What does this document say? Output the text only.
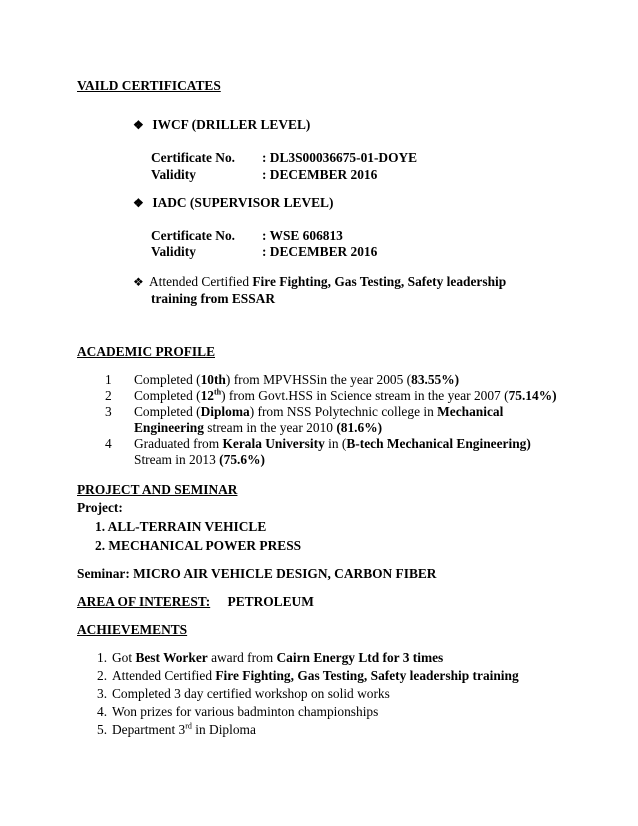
VAILD CERTIFICATES
❖ IWCF (DRILLER LEVEL)
Certificate No. : DL3S00036675-01-DOYE
Validity	: DECEMBER 2016
❖ IADC (SUPERVISOR LEVEL)
Certificate No. : WSE 606813
Validity	: DECEMBER 2016
❖ Attended Certified Fire Fighting, Gas Testing, Safety leadership
training from ESSAR
ACADEMIC PROFILE
1 Completed (10th) from MPVHSSin the year 2005 (83.55%)
2 Completed (12th) from Govt.HSS in Science stream in the year 2007 (75.14%)
3 Completed (Diploma) from NSS Polytechnic college in Mechanical
Engineering stream in the year 2010 (81.6%)
4 Graduated from Kerala University in (B-tech Mechanical Engineering)
Stream in 2013 (75.6%)
PROJECT AND SEMINAR
Project:
1. ALL-TERRAIN VEHICLE
2. MECHANICAL POWER PRESS
Seminar: MICRO AIR VEHICLE DESIGN, CARBON FIBER
AREA OF INTEREST: PETROLEUM
ACHIEVEMENTS
1. Got Best Worker award from Cairn Energy Ltd for 3 times
2. Attended Certified Fire Fighting, Gas Testing, Safety leadership training
3. Completed 3 day certified workshop on solid works
4. Won prizes for various badminton championships
5. Department 3rd in Diploma
